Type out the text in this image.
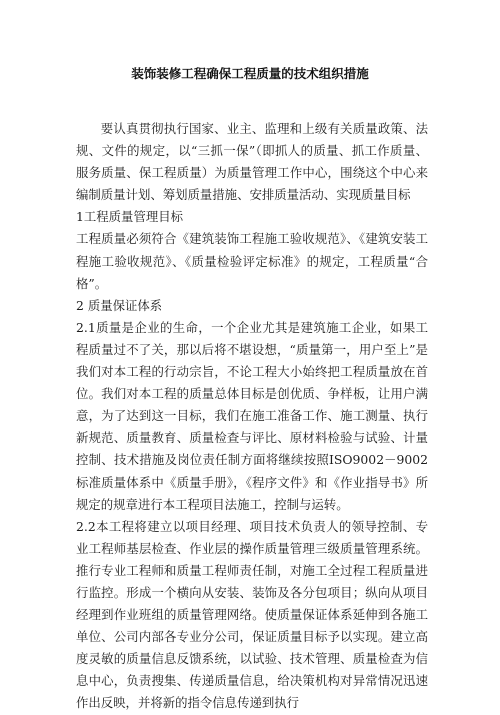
装饰装修工程确保工程质量的技术组织措施

要认真贯彻执行国家、业主、监理和上级有关质量政策、法规、文件的规定，以“三抓一保”（即抓人的质量、抓工作质量、服务质量、保工程质量）为质量管理工作中心，围绕这个中心来编制质量计划、筹划质量措施、安排质量活动、实现质量目标

1工程质量管理目标

工程质量必须符合《建筑装饰工程施工验收规范》、《建筑安装工程施工验收规范》、《质量检验评定标准》的规定，工程质量“合格”。

2 质量保证体系

2.1质量是企业的生命，一个企业尤其是建筑施工企业，如果工程质量过不了关，那以后将不堪设想，“质量第一，用户至上”是我们对本工程的行动宗旨，不论工程大小始终把工程质量放在首位。我们对本工程的质量总体目标是创优质、争样板，让用户满意，为了达到这一目标，我们在施工准备工作、施工测量、执行新规范、质量教育、质量检查与评比、原材料检验与试验、计量控制、技术措施及岗位责任制方面将继续按照ISO9002－9002标准质量体系中《质量手册》，《程序文件》和《作业指导书》所规定的规章进行本工程项目法施工，控制与运转。

2.2本工程将建立以项目经理、项目技术负责人的领导控制、专业工程师基层检查、作业层的操作质量管理三级质量管理系统。推行专业工程师和质量工程师责任制，对施工全过程工程质量进行监控。形成一个横向从安装、装饰及各分包项目；纵向从项目经理到作业班组的质量管理网络。使质量保证体系延伸到各施工单位、公司内部各专业分公司，保证质量目标予以实现。建立高度灵敏的质量信息反馈系统，以试验、技术管理、质量检查为信息中心，负责搜集、传递质量信息，给决策机构对异常情况迅速作出反映，并将新的指令信息传递到执行
